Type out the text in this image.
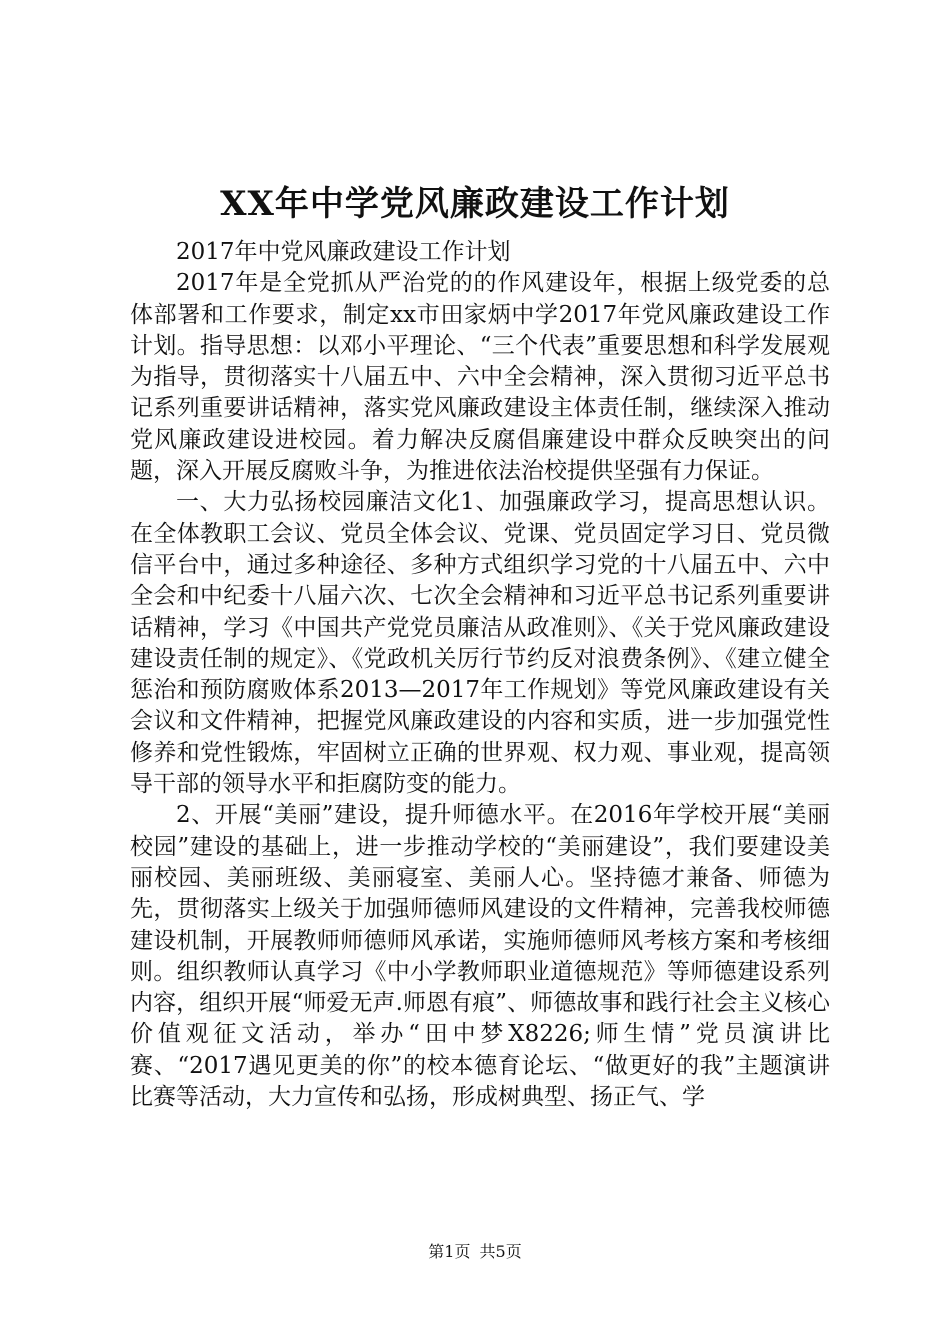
XX年中学党风廉政建设工作计划

2017年中党风廉政建设工作计划

2017年是全党抓从严治党的的作风建设年，根据上级党委的总体部署和工作要求，制定xx市田家炳中学2017年党风廉政建设工作计划。指导思想：以邓小平理论、“三个代表”重要思想和科学发展观为指导，贯彻落实十八届五中、六中全会精神，深入贯彻习近平总书记系列重要讲话精神，落实党风廉政建设主体责任制，继续深入推动党风廉政建设进校园。着力解决反腐倡廉建设中群众反映突出的问题，深入开展反腐败斗争，为推进依法治校提供坚强有力保证。

一、大力弘扬校园廉洁文化1、加强廉政学习，提高思想认识。在全体教职工会议、党员全体会议、党课、党员固定学习日、党员微信平台中，通过多种途径、多种方式组织学习党的十八届五中、六中全会和中纪委十八届六次、七次全会精神和习近平总书记系列重要讲话精神，学习《中国共产党党员廉洁从政准则》、《关于党风廉政建设建设责任制的规定》、《党政机关厉行节约反对浪费条例》、《建立健全惩治和预防腐败体系2013—2017年工作规划》等党风廉政建设有关会议和文件精神，把握党风廉政建设的内容和实质，进一步加强党性修养和党性锻炼，牢固树立正确的世界观、权力观、事业观，提高领导干部的领导水平和拒腐防变的能力。

2、开展“美丽”建设，提升师德水平。在2016年学校开展“美丽校园”建设的基础上，进一步推动学校的“美丽建设”，我们要建设美丽校园、美丽班级、美丽寝室、美丽人心。坚持德才兼备、师德为先，贯彻落实上级关于加强师德师风建设的文件精神，完善我校师德建设机制，开展教师师德师风承诺，实施师德师风考核方案和考核细则。组织教师认真学习《中小学教师职业道德规范》等师德建设系列内容，组织开展“师爱无声.师恩有痕”、师德故事和践行社会主义核心价值观征文活动，举办“田中梦X8226;师生情”党员演讲比赛、“2017遇见更美的你”的校本德育论坛、“做更好的我”主题演讲比赛等活动，大力宣传和弘扬，形成树典型、扬正气、学

第1页 共5页
